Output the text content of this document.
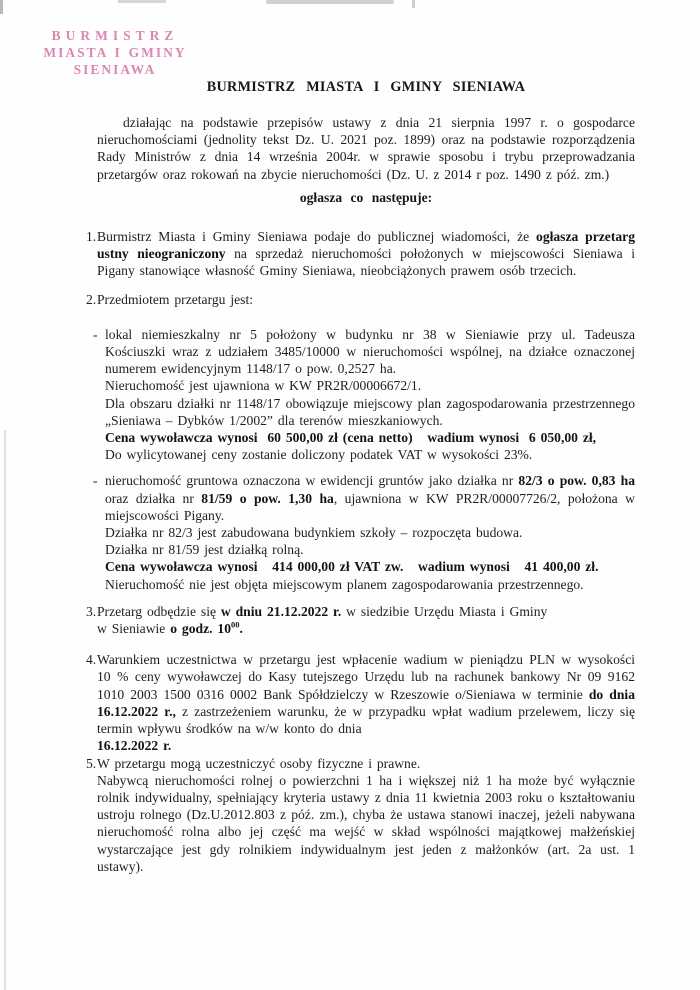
BURMISTRZ
MIASTA I GMINY
SIENIAWA
BURMISTRZ MIASTA I GMINY SIENIAWA

działając na podstawie przepisów ustawy z dnia 21 sierpnia 1997 r. o gospodarce nieruchomościami (jednolity tekst Dz. U. 2021 poz. 1899) oraz na podstawie rozporządzenia Rady Ministrów z dnia 14 września 2004r. w sprawie sposobu i trybu przeprowadzania przetargów oraz rokowań na zbycie nieruchomości (Dz. U. z 2014 r poz. 1490 z póź. zm.)

ogłasza co następuje:

1. Burmistrz Miasta i Gminy Sieniawa podaje do publicznej wiadomości, że ogłasza przetarg ustny nieograniczony na sprzedaż nieruchomości położonych w miejscowości Sieniawa i Pigany stanowiące własność Gminy Sieniawa, nieobciążonych prawem osób trzecich.
2. Przedmiotem przetargu jest:
- lokal niemieszkalny nr 5 położony w budynku nr 38 w Sieniawie przy ul. Tadeusza Kościuszki wraz z udziałem 3485/10000 w nieruchomości wspólnej, na działce oznaczonej numerem ewidencyjnym 1148/17 o pow. 0,2527 ha.
Nieruchomość jest ujawniona w KW PR2R/00006672/1.
Dla obszaru działki nr 1148/17 obowiązuje miejscowy plan zagospodarowania przestrzennego „Sieniawa – Dybków 1/2002” dla terenów mieszkaniowych.
Cena wywoławcza wynosi  60 500,00 zł (cena netto)   wadium wynosi  6 050,00 zł,
Do wylicytowanej ceny zostanie doliczony podatek VAT w wysokości 23%.
- nieruchomość gruntowa oznaczona w ewidencji gruntów jako działka nr 82/3 o pow. 0,83 ha oraz działka nr 81/59 o pow. 1,30 ha, ujawniona w KW PR2R/00007726/2, położona w miejscowości Pigany.
Działka nr 82/3 jest zabudowana budynkiem szkoły – rozpoczęta budowa.
Działka nr 81/59 jest działką rolną.
Cena wywoławcza wynosi   414 000,00 zł VAT zw.   wadium wynosi   41 400,00 zł.
Nieruchomość nie jest objęta miejscowym planem zagospodarowania przestrzennego.
3. Przetarg odbędzie się w dniu 21.12.2022 r. w siedzibie Urzędu Miasta i Gminy
w Sieniawie o godz. $10^{00}$.
4. Warunkiem uczestnictwa w przetargu jest wpłacenie wadium w pieniądzu PLN w wysokości 10 % ceny wywoławczej do Kasy tutejszego Urzędu lub na rachunek bankowy Nr 09 9162 1010 2003 1500 0316 0002 Bank Spółdzielczy w Rzeszowie o/Sieniawa w terminie do dnia 16.12.2022 r., z zastrzeżeniem warunku, że w przypadku wpłat wadium przelewem, liczy się termin wpływu środków na w/w konto do dnia
16.12.2022 r.
5. W przetargu mogą uczestniczyć osoby fizyczne i prawne.
Nabywcą nieruchomości rolnej o powierzchni 1 ha i większej niż 1 ha może być wyłącznie rolnik indywidualny, spełniający kryteria ustawy z dnia 11 kwietnia 2003 roku o kształtowaniu ustroju rolnego (Dz.U.2012.803 z póź. zm.), chyba że ustawa stanowi inaczej, jeżeli nabywana nieruchomość rolna albo jej część ma wejść w skład wspólności majątkowej małżeńskiej wystarczające jest gdy rolnikiem indywidualnym jest jeden z małżonków (art. 2a ust. 1 ustawy).
